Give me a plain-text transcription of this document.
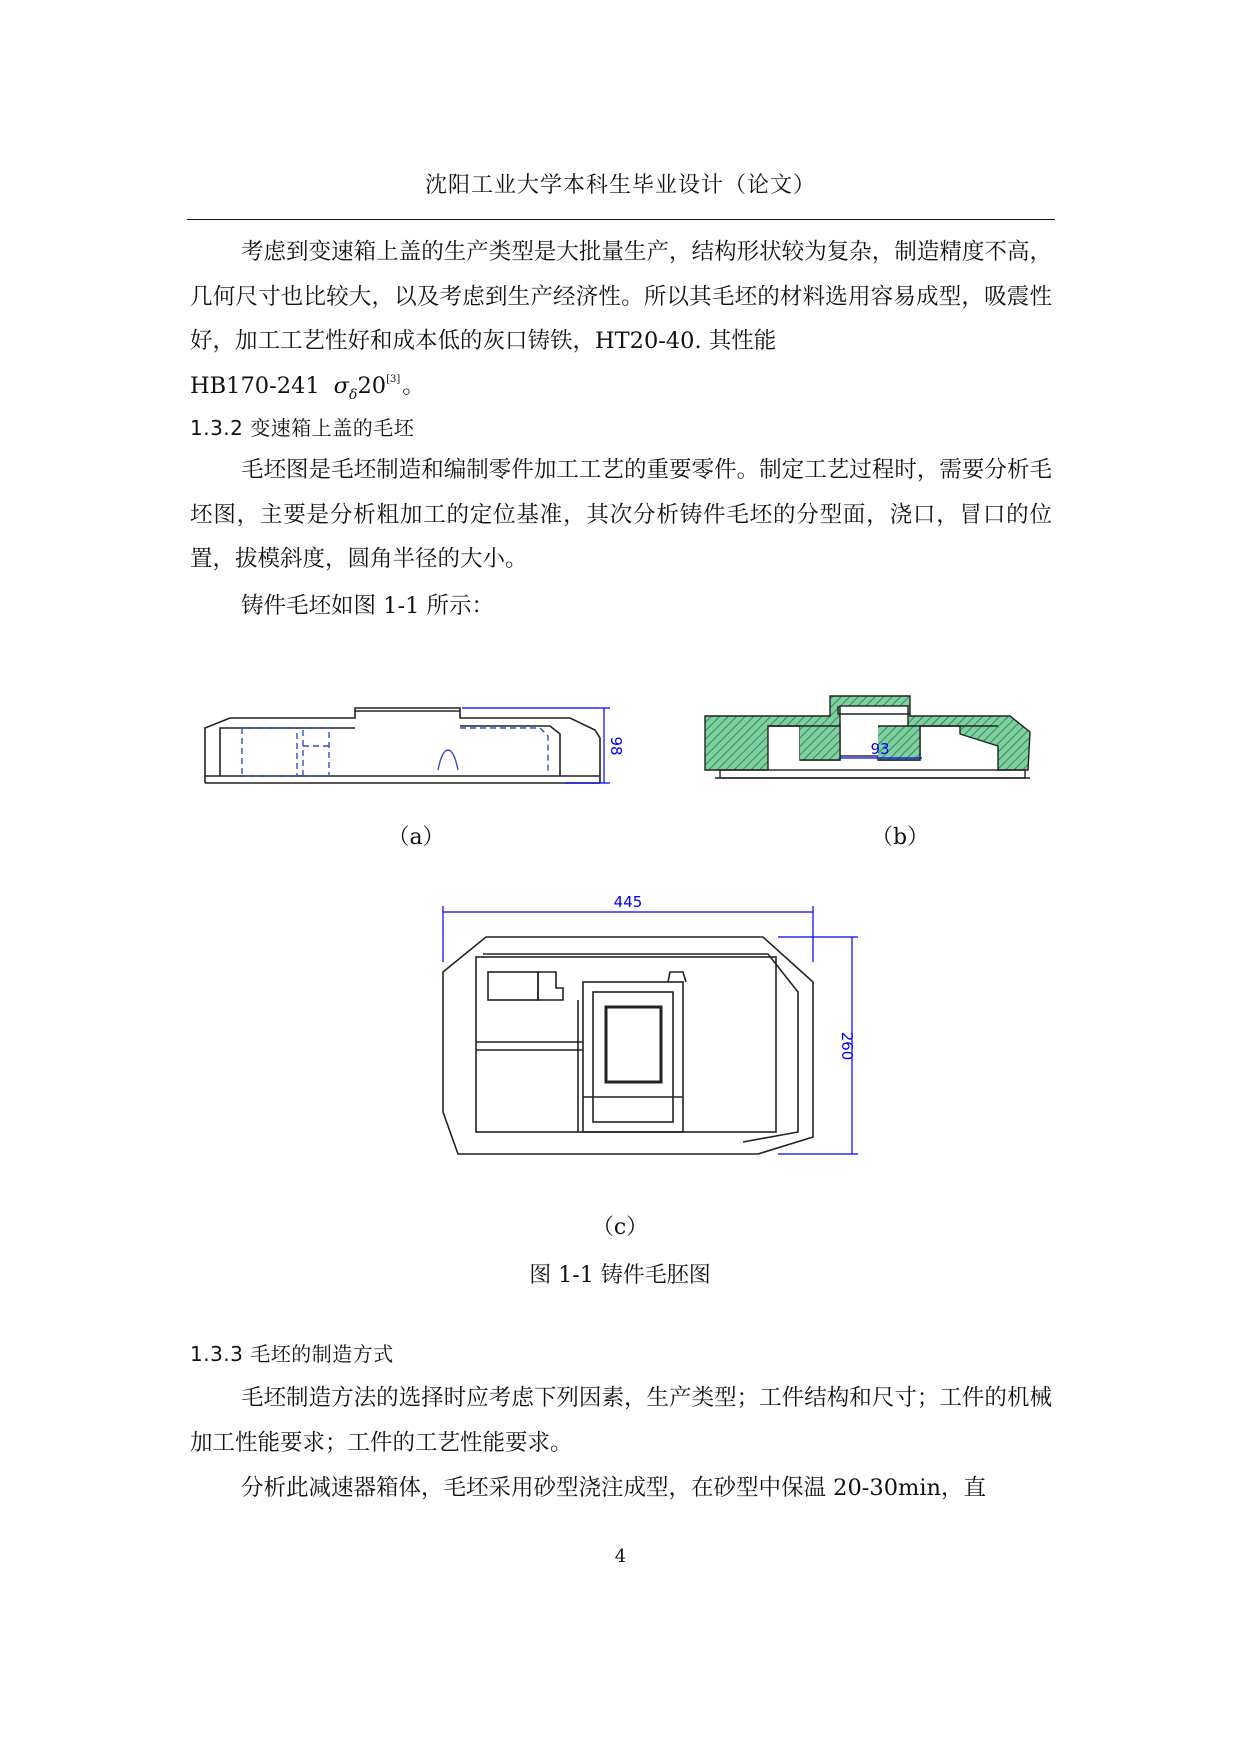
沈阳工业大学本科生毕业设计（论文）

考虑到变速箱上盖的生产类型是大批量生产，结构形状较为复杂，制造精度不高，几何尺寸也比较大，以及考虑到生产经济性。所以其毛坯的材料选用容易成型，吸震性好，加工工艺性好和成本低的灰口铸铁，HT20-40. 其性能

HB170-241 $\sigma_\delta 20[3]$。
1.3.2 变速箱上盖的毛坯

毛坯图是毛坯制造和编制零件加工工艺的重要零件。制定工艺过程时，需要分析毛坯图，主要是分析粗加工的定位基准，其次分析铸件毛坯的分型面，浇口，冒口的位置，拔模斜度，圆角半径的大小。

铸件毛坯如图 1-1 所示：

98	93
（a）	（b）
445
260
（c）
图 1-1 铸件毛胚图
1.3.3 毛坯的制造方式

毛坯制造方法的选择时应考虑下列因素，生产类型；工件结构和尺寸；工件的机械加工性能要求；工件的工艺性能要求。

分析此减速器箱体，毛坯采用砂型浇注成型，在砂型中保温 20-30min，直

4
